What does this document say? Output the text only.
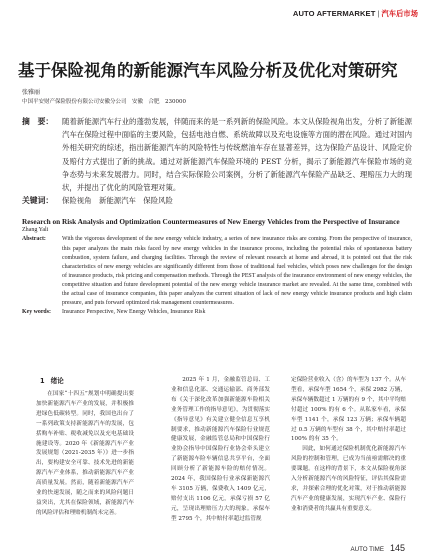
AUTO AFTERMARKET | 汽车后市场
基于保险视角的新能源汽车风险分析及优化对策研究
张雅丽
中国平安财产保险股份有限公司安徽分公司　安徽　合肥　230000
摘　要：	随着新能源汽车行业的蓬勃发展，伴随而来的是一系列新的保险风险。本文从保险视角出发，分析了新能源汽车在保险过程中面临的主要风险，包括电池自燃、系统故障以及充电设施等方面的潜在风险。通过对国内外相关研究的综述，指出新能源汽车的风险特性与传统燃油车存在显著差异，这为保险产品设计、风险定价及赔付方式提出了新的挑战。通过对新能源汽车保险环境的 PEST 分析，揭示了新能源汽车保险市场的竞争态势与未来发展潜力。同时，结合实际保险公司案例，分析了新能源汽车保险产品缺乏、理赔压力大的现状，并提出了优化的风险管理对策。
关键词：	保险视角　新能源汽车　保险风险
Research on Risk Analysis and Optimization Countermeasures of New Energy Vehicles from the Perspective of Insurance
Zhang Yali
Abstract:	With the vigorous development of the new energy vehicle industry, a series of new insurance risks are coming. From the perspective of insurance, this paper analyzes the main risks faced by new energy vehicles in the insurance process, including the potential risks of spontaneous battery combustion, system failure, and charging facilities. Through the review of relevant research at home and abroad, it is pointed out that the risk characteristics of new energy vehicles are significantly different from those of traditional fuel vehicles, which poses new challenges for the design of insurance products, risk pricing and compensation methods. Through the PEST analysis of the insurance environment of new energy vehicles, the competitive situation and future development potential of the new energy vehicle insurance market are revealed. At the same time, combined with the actual case of insurance companies, this paper analyzes the current situation of lack of new energy vehicle insurance products and high claim pressure, and puts forward optimized risk management countermeasures.
Key words:	Insurance Perspective, New Energy Vehicles, Insurance Risk
1 绪论

在国家“十四五”规划中明确提出要加快新能源汽车产业的发展，并积极推进绿色低碳转型。同时，我国也出台了一系列政策支持新能源汽车的发展，包括购车补贴、税收减免以及充电基础设施建设等。2020 年《新能源汽车产业发展规划（2021-2035 年）》进一步指出，要构建安全可靠、技术先进的新能源汽车产业体系，推动新能源汽车产业高质量发展。然而，随着新能源汽车产业的快速发展，随之而来的风险问题日益突出，尤其在保险领域，新能源汽车的风险评估和理赔机制尚未完善。

2025 年 1 月，金融监管总局、工业和信息化部、交通运输部、商务部发布《关于深化改革加强新能源车险相关业务管理工作的指导意见》，为贯彻落实《指导意见》有关建立健全信息互享机制要求，推动新能源汽车保险行业规范健康发展，金融监管总局和中国保险行业协会指导中国保险行业协会牵头建立了新能源车险车辆信息共享平台，全面回顾分析了新能源车险的赔付情况。2024 年，我国保险行业承保新能源汽车 3105 万辆，保费收入 1409 亿元，赔付支出 1106 亿元，承保亏损 57 亿元，呈现出理赔压力大的现象。承保车型 2795 个，其中赔付率超过监管规

定保险营业收入（含）的车型为 137 个。从车型看，承保车型 1654 个，承保 2982 万辆，承保车辆数超过 1 万辆的有 9 个，其中平均赔付超过 100% 的有 6 个。从私家车看，承保车型 1141 个，承保 123 万辆；承保车辆超过 0.5 万辆的车型有 38 个，其中赔付率超过 100% 的有 35 个。

因此，如何通过保险机制优化新能源汽车风险的控制和管理，已成为当前亟需解决的重要课题。在这样的背景下，本文从保险视角深入分析新能源汽车的风险特征，评估其保险需求，并探索合理的优化对策，对于推动新能源汽车产业的健康发展，实现汽车产业、保险行业和消费者的共赢具有重要意义。

AUTO TIME 145
